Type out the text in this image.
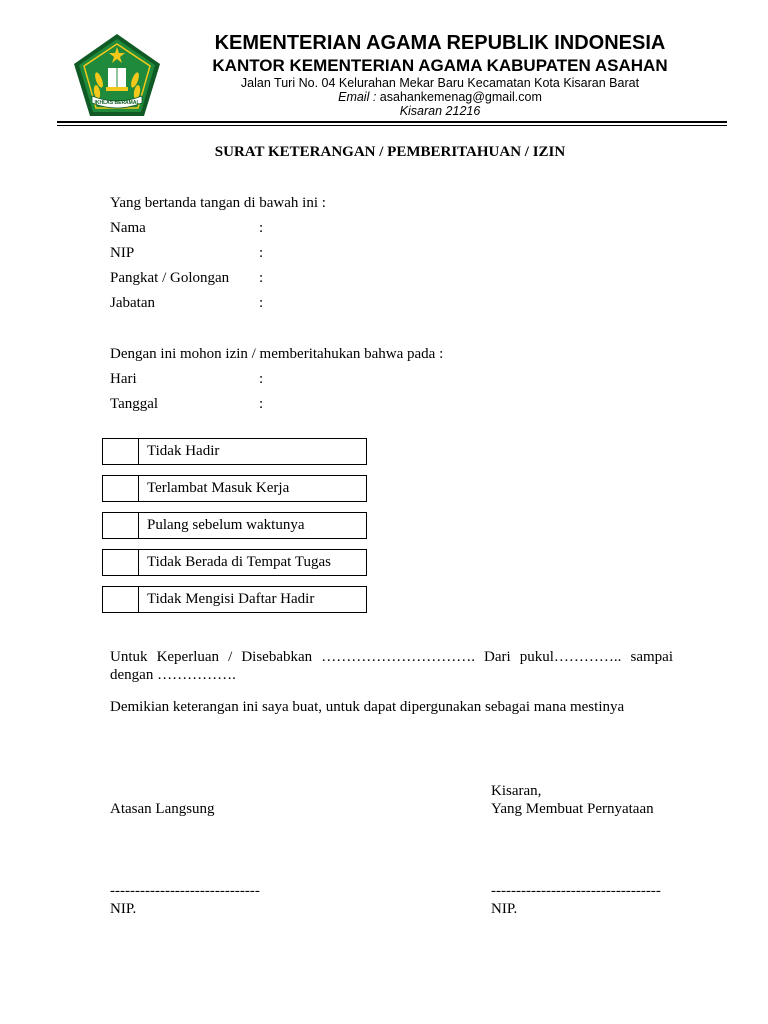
IKHLAS BERAMAL
KEMENTERIAN AGAMA REPUBLIK INDONESIA
KANTOR KEMENTERIAN AGAMA KABUPATEN ASAHAN
Jalan Turi No. 04 Kelurahan Mekar Baru Kecamatan Kota Kisaran Barat
Email : asahankemenag@gmail.com
Kisaran 21216
SURAT KETERANGAN / PEMBERITAHUAN / IZIN
Yang bertanda tangan di bawah ini :
Nama	:
NIP	:
Pangkat / Golongan :
Jabatan	:
Dengan ini mohon izin / memberitahukan bahwa pada :
Hari	:
Tanggal	:
Tidak Hadir
Terlambat Masuk Kerja
Pulang sebelum waktunya
Tidak Berada di Tempat Tugas
Tidak Mengisi Daftar Hadir
Untuk Keperluan / Disebabkan …………………………. Dari pukul………….. sampai
dengan …………….
Demikian keterangan ini saya buat, untuk dapat dipergunakan sebagai mana mestinya
Kisaran,
Atasan Langsung	Yang Membuat Pernyataan
------------------------------	----------------------------------
NIP.	NIP.
